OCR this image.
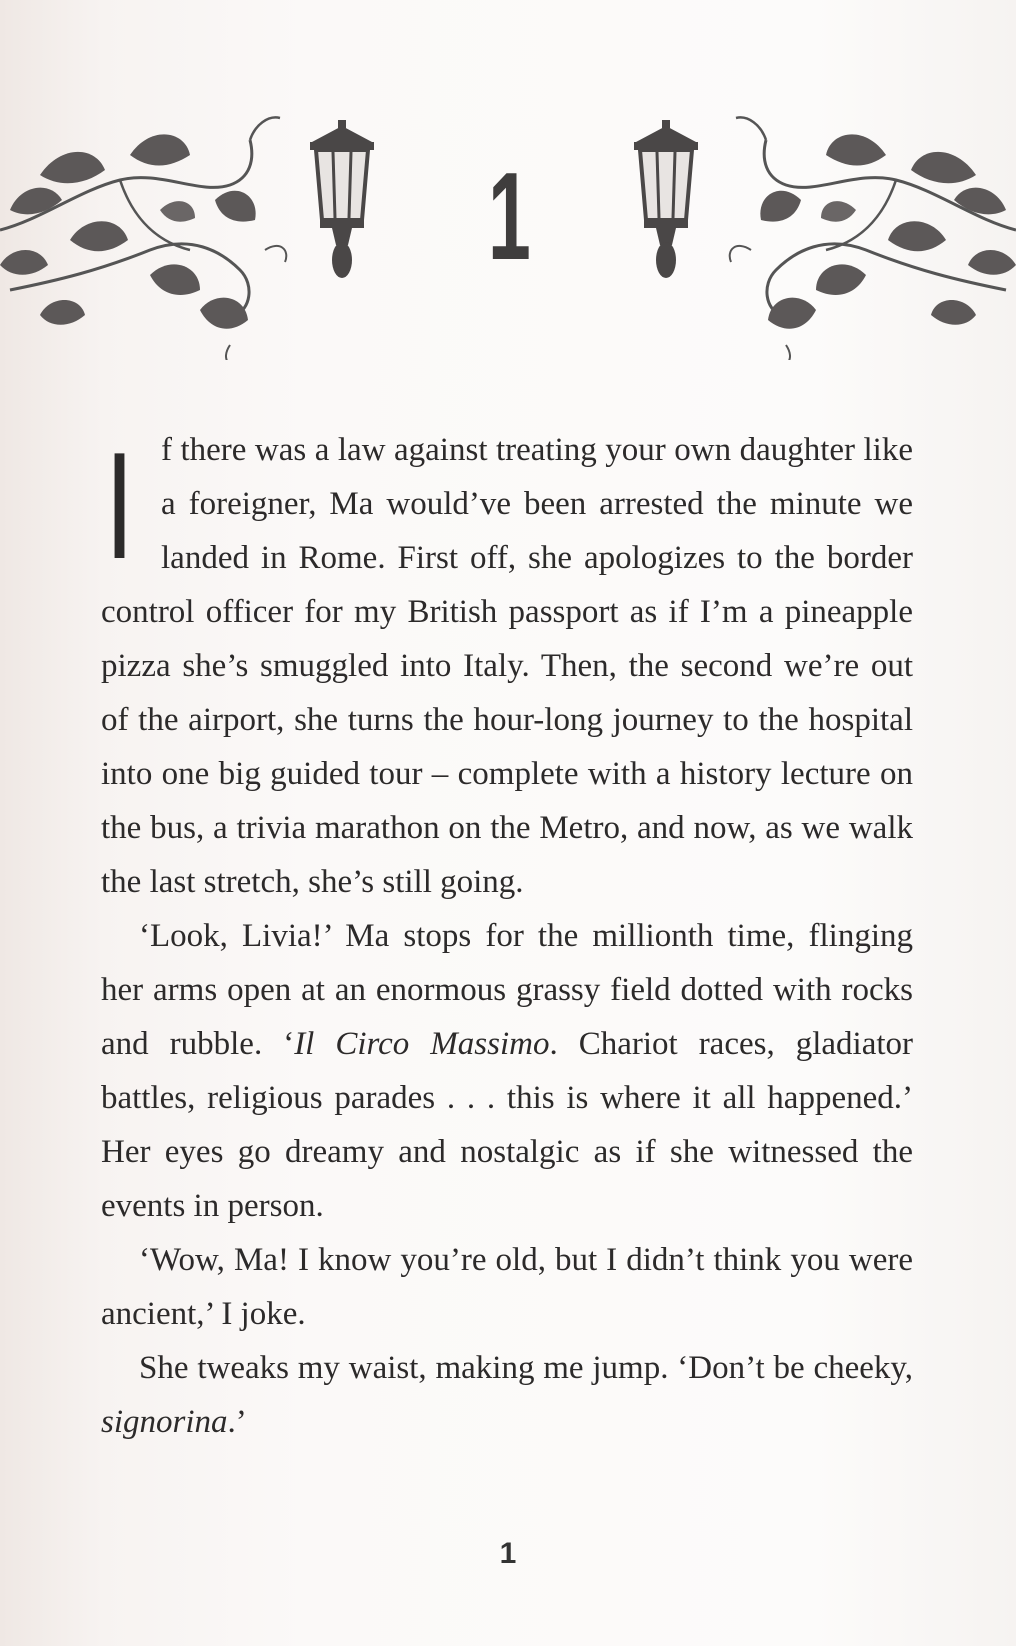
1

I f there was a law against treating your own daughter like a foreigner, Ma would’ve been arrested the minute we landed in Rome. First off, she apologizes to the border control officer for my British passport as if I’m a pineapple pizza she’s smuggled into Italy. Then, the second we’re out of the airport, she turns the hour-long journey to the hospital into one big guided tour – complete with a history lecture on the bus, a trivia marathon on the Metro, and now, as we walk the last stretch, she’s still going.

‘Look, Livia!’ Ma stops for the millionth time, flinging her arms open at an enormous grassy field dotted with rocks and rubble. ‘Il Circo Massimo. Chariot races, gladiator battles, religious parades . . . this is where it all happened.’ Her eyes go dreamy and nostalgic as if she witnessed the events in person.

‘Wow, Ma! I know you’re old, but I didn’t think you were ancient,’ I joke.

She tweaks my waist, making me jump. ‘Don’t be cheeky, signorina.’

1
